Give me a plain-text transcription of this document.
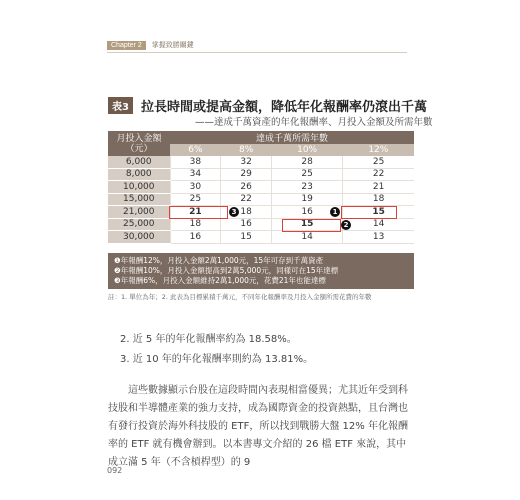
Chapter 2	掌握致勝關鍵
表3 拉長時間或提高金額，降低年化報酬率仍滾出千萬
——達成千萬資產的年化報酬率、月投入金額及所需年數
月投入金額（元）	達成千萬所需年數			
	6%	8%	10%	12%
6,000	38	32	28	25
8,000	34	29	25	22
10,000	30	26	23	21
15,000	25	22	19	18
21,000	21	18	16	15
25,000	18	16	15	14
30,000	16	15	14	13
3	1
2
❶年報酬12%，月投入金額2萬1,000元，15年可存到千萬資產
❷年報酬10%，月投入金額提高到2萬5,000元，同樣可在15年達標
❸年報酬6%，月投入金額維持2萬1,000元，花費21年也能達標
註：1. 單位為年；2. 此表為目標累積千萬元，不同年化報酬率及月投入金額所需花費的年數
2. 近 5 年的年化報酬率約為 18.58%。
3. 近 10 年的年化報酬率則約為 13.81%。
這些數據顯示台股在這段時間內表現相當優異；尤其近年受到科技股和半導體產業的強力支持，成為國際資金的投資熱點，且台灣也有發行投資於海外科技股的 ETF，所以找到戰勝大盤 12% 年化報酬率的 ETF 就有機會辦到。以本書專文介紹的 26 檔 ETF 來說，其中成立滿 5 年（不含槓桿型）的 9
092
